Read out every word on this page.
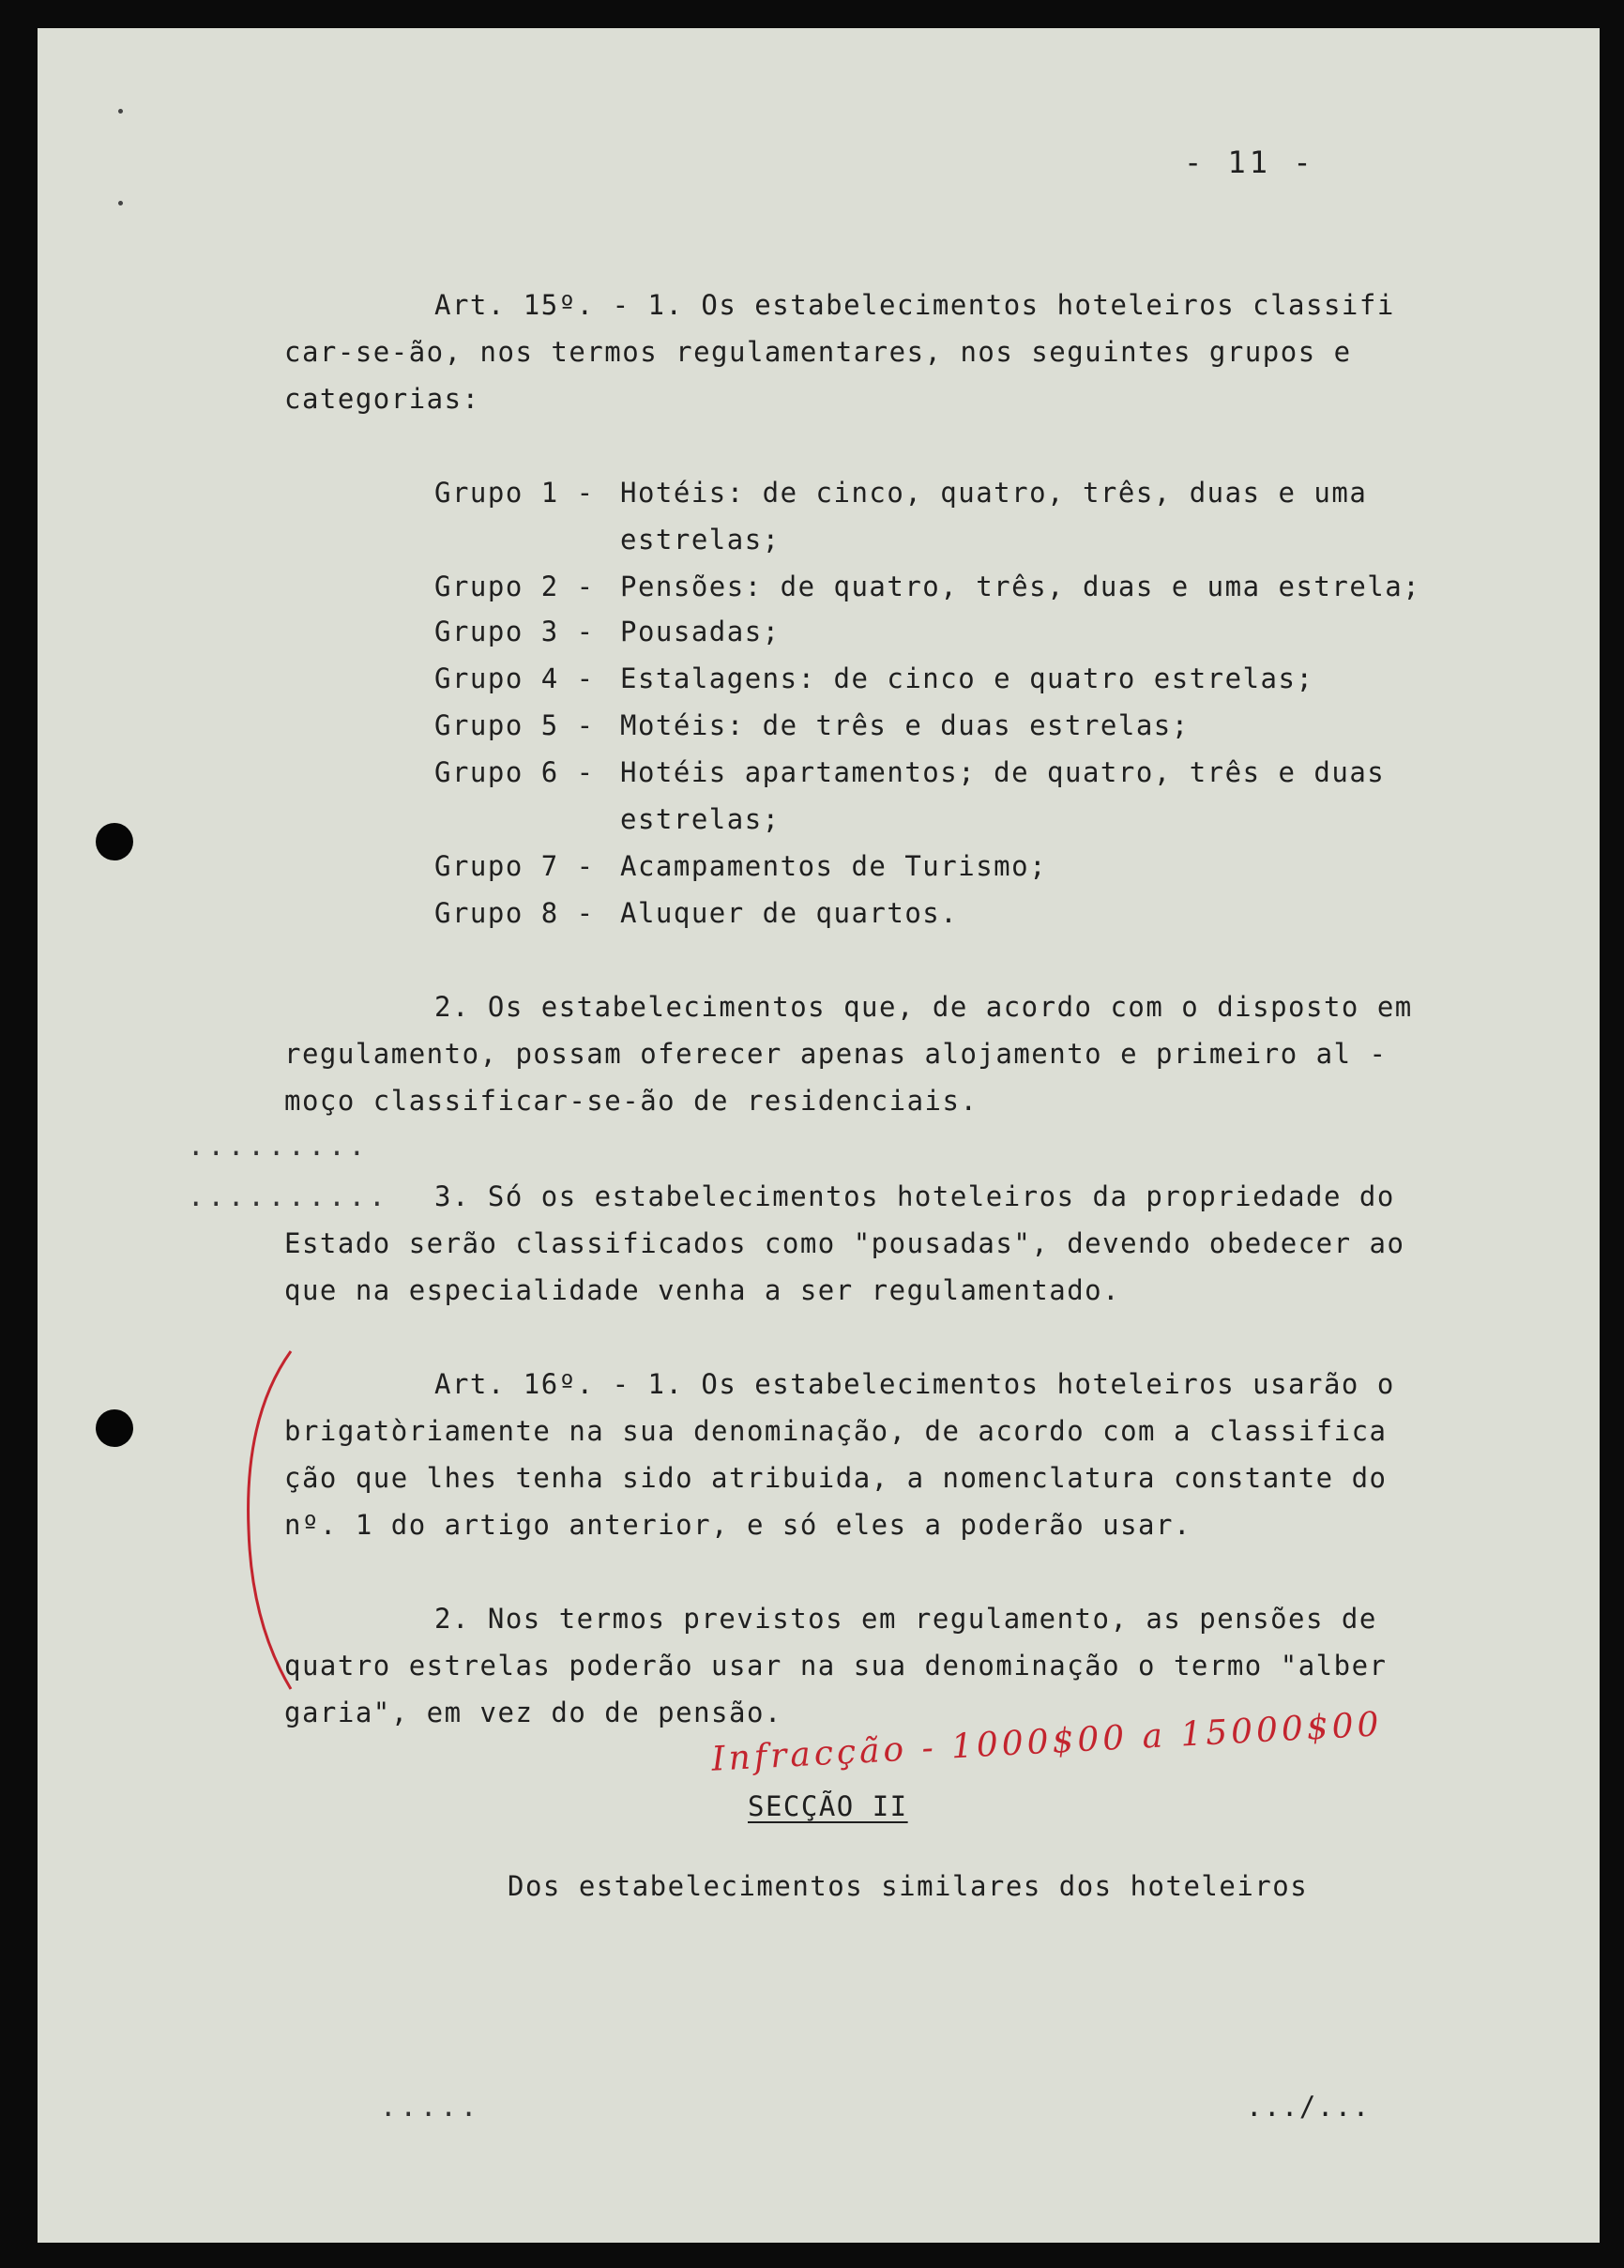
- 11 -
Art. 15º. - 1. Os estabelecimentos hoteleiros classifi
car-se-ão, nos termos regulamentares, nos seguintes grupos e
categorias:
Grupo 1 - Hotéis: de cinco, quatro, três, duas e uma
estrelas;
Grupo 2 - Pensões: de quatro, três, duas e uma estrela;
Grupo 3 - Pousadas;
Grupo 4 - Estalagens: de cinco e quatro estrelas;
Grupo 5 - Motéis: de três e duas estrelas;
Grupo 6 - Hotéis apartamentos; de quatro, três e duas
estrelas;
Grupo 7 - Acampamentos de Turismo;
Grupo 8 - Aluquer de quartos.
2. Os estabelecimentos que, de acordo com o disposto em
regulamento, possam oferecer apenas alojamento e primeiro al -
moço classificar-se-ão de residenciais.
.........
.......... 3. Só os estabelecimentos hoteleiros da propriedade do
Estado serão classificados como "pousadas", devendo obedecer ao
que na especialidade venha a ser regulamentado.
Art. 16º. - 1. Os estabelecimentos hoteleiros usarão o
brigatòriamente na sua denominação, de acordo com a classifica
ção que lhes tenha sido atribuida, a nomenclatura constante do
nº. 1 do artigo anterior, e só eles a poderão usar.
2. Nos termos previstos em regulamento, as pensões de
quatro estrelas poderão usar na sua denominação o termo "alber
garia", em vez do de pensão.
Infracção - 1000$00 a 15000$00
SECÇÃO II
Dos estabelecimentos similares dos hoteleiros
.....	.../...
